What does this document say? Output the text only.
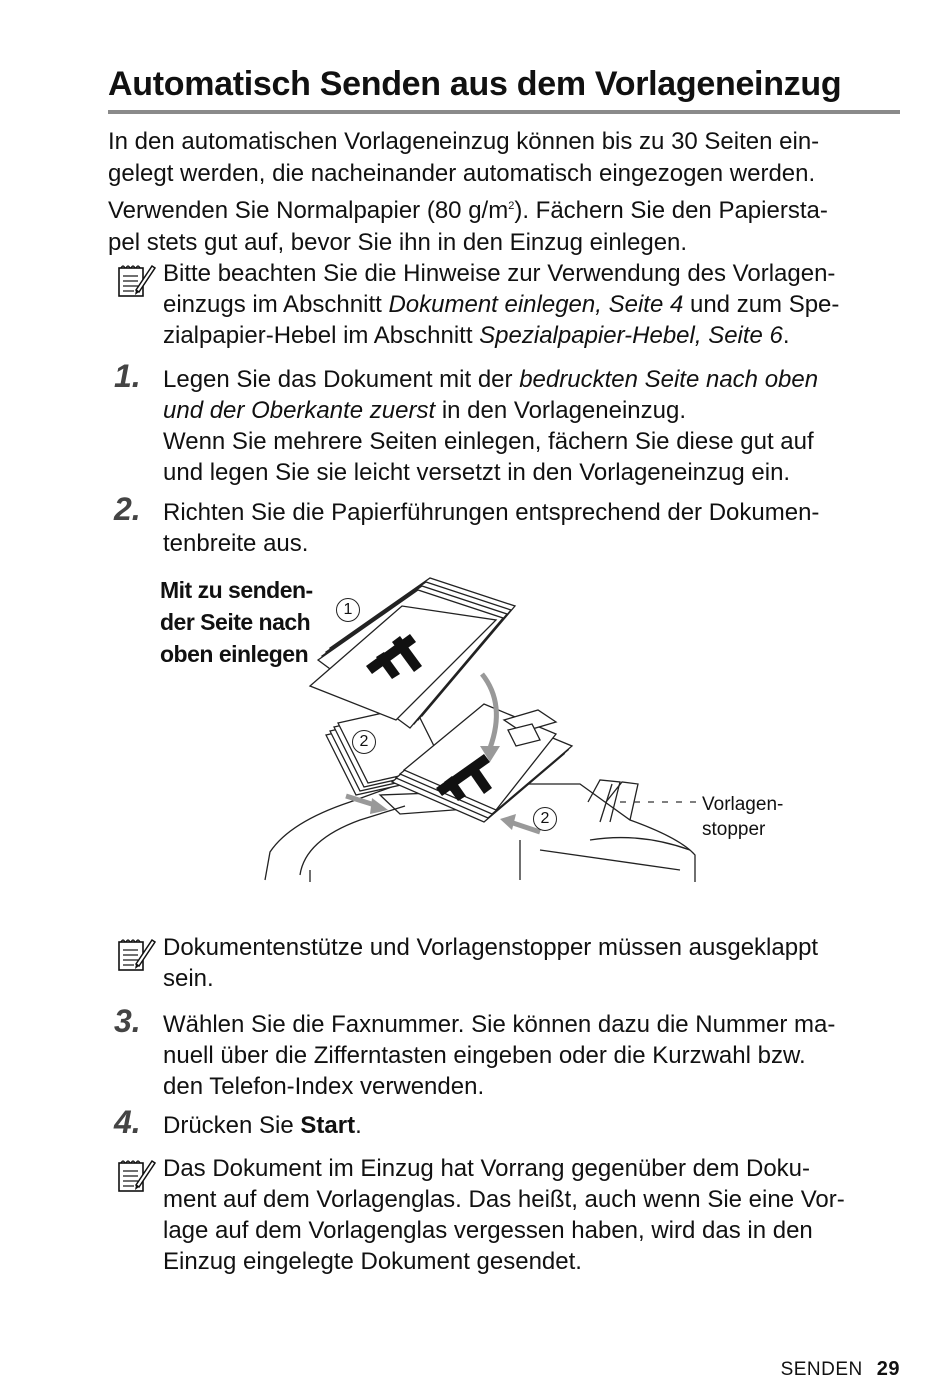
Automatisch Senden aus dem Vorlageneinzug
In den automatischen Vorlageneinzug können bis zu 30 Seiten ein-
gelegt werden, die nacheinander automatisch eingezogen werden.
Verwenden Sie Normalpapier (80 $g/m^2$). Fächern Sie den Papiersta-
pel stets gut auf, bevor Sie ihn in den Einzug einlegen.
Bitte beachten Sie die Hinweise zur Verwendung des Vorlagen-
einzugs im Abschnitt Dokument einlegen, Seite 4 und zum Spe-
zialpapier-Hebel im Abschnitt Spezialpapier-Hebel, Seite 6.
1. Legen Sie das Dokument mit der bedruckten Seite nach oben
und der Oberkante zuerst in den Vorlageneinzug.
Wenn Sie mehrere Seiten einlegen, fächern Sie diese gut auf
und legen Sie sie leicht versetzt in den Vorlageneinzug ein.
2. Richten Sie die Papierführungen entsprechend der Dokumen-
tenbreite aus.
Mit zu senden-
der Seite nach
oben einlegen
1
2
2
Vorlagen-
stopper
Dokumentenstütze und Vorlagenstopper müssen ausgeklappt
sein.
3. Wählen Sie die Faxnummer. Sie können dazu die Nummer ma-
nuell über die Zifferntasten eingeben oder die Kurzwahl bzw.
den Telefon-Index verwenden.
4. Drücken Sie Start.
Das Dokument im Einzug hat Vorrang gegenüber dem Doku-
ment auf dem Vorlagenglas. Das heißt, auch wenn Sie eine Vor-
lage auf dem Vorlagenglas vergessen haben, wird das in den
Einzug eingelegte Dokument gesendet.
SENDEN 29
